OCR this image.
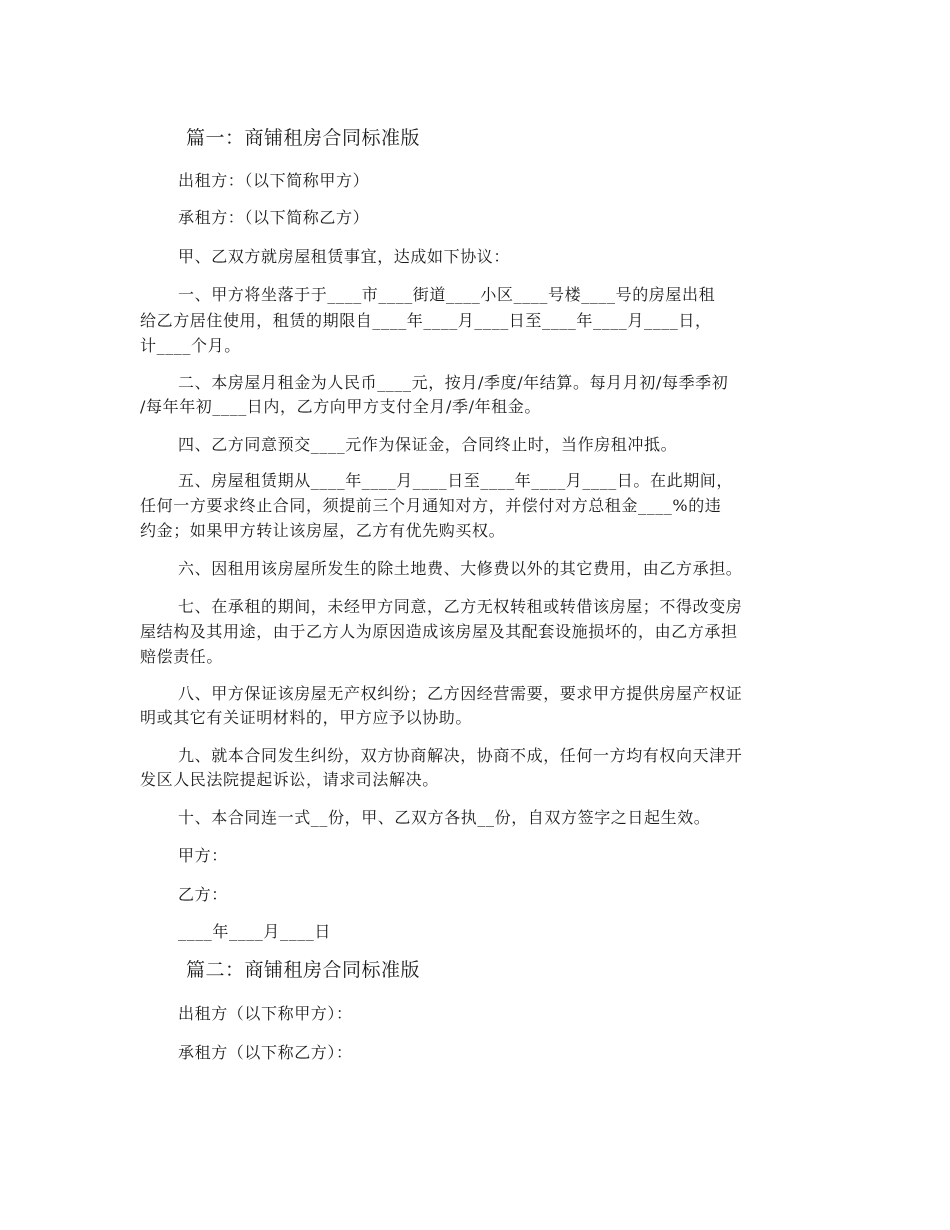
篇一：商铺租房合同标准版
出租方：（以下简称甲方）
承租方：（以下简称乙方）
甲、乙双方就房屋租赁事宜，达成如下协议：
一、甲方将坐落于于____市____街道____小区____号楼____号的房屋出租
给乙方居住使用，租赁的期限自____年____月____日至____年____月____日，
计____个月。
二、本房屋月租金为人民币____元，按月/季度/年结算。每月月初/每季季初
/每年年初____日内，乙方向甲方支付全月/季/年租金。
四、乙方同意预交____元作为保证金，合同终止时，当作房租冲抵。
五、房屋租赁期从____年____月____日至____年____月____日。在此期间，
任何一方要求终止合同，须提前三个月通知对方，并偿付对方总租金____%的违
约金；如果甲方转让该房屋，乙方有优先购买权。
六、因租用该房屋所发生的除土地费、大修费以外的其它费用，由乙方承担。
七、在承租的期间，未经甲方同意，乙方无权转租或转借该房屋；不得改变房
屋结构及其用途，由于乙方人为原因造成该房屋及其配套设施损坏的，由乙方承担
赔偿责任。
八、甲方保证该房屋无产权纠纷；乙方因经营需要，要求甲方提供房屋产权证
明或其它有关证明材料的，甲方应予以协助。
九、就本合同发生纠纷，双方协商解决，协商不成，任何一方均有权向天津开
发区人民法院提起诉讼，请求司法解决。
十、本合同连一式__份，甲、乙双方各执__份，自双方签字之日起生效。
甲方：
乙方：
____年____月____日
篇二：商铺租房合同标准版
出租方（以下称甲方）：
承租方（以下称乙方）：
